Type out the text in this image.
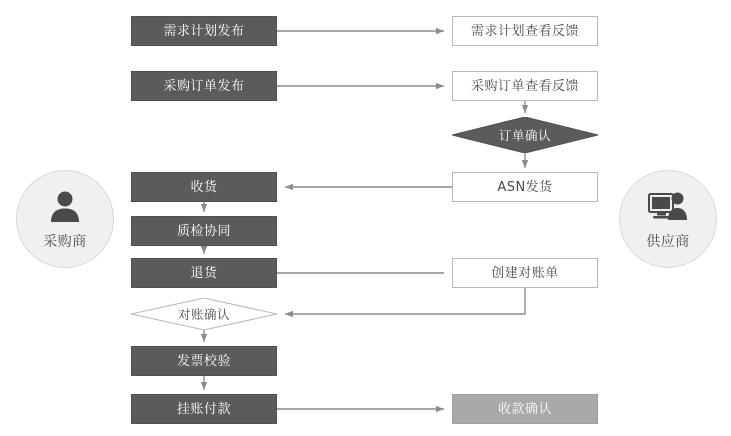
采购商	供应商
需求计划发布	需求计划查看反馈
采购订单发布	采购订单查看反馈
收货	ASN发货
质检协同
退货	创建对账单
发票校验
挂账付款	收款确认
订单确认
对账确认
